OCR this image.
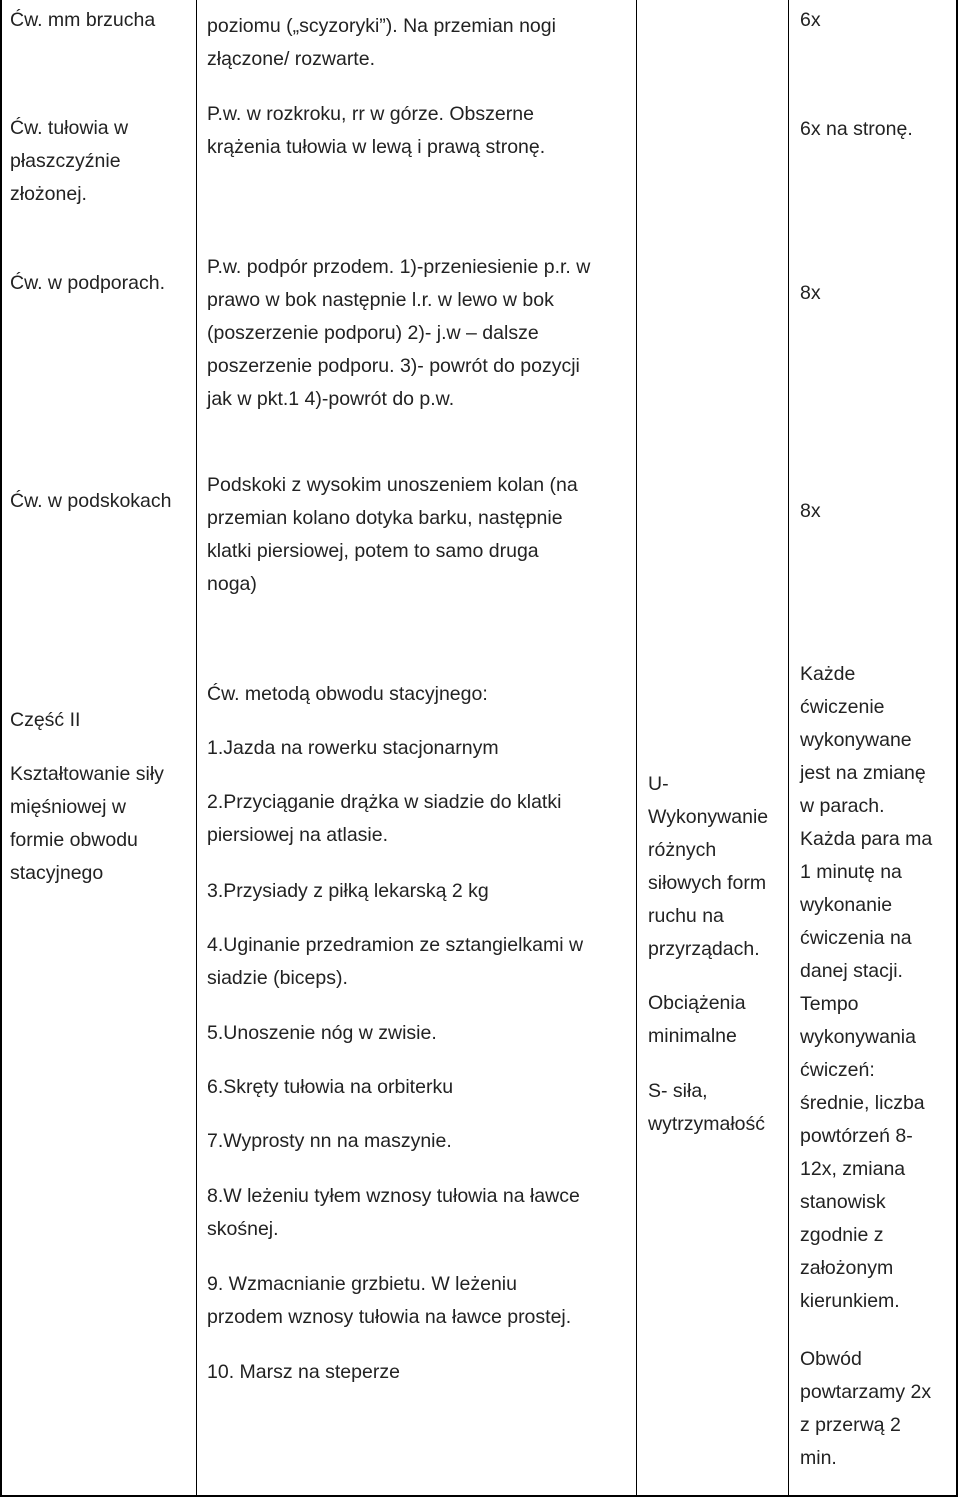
Ćw. mm brzucha
Ćw. tułowia w
płaszczyźnie
złożonej.
poziomu („scyzoryki”). Na przemian nogi
złączone/ rozwarte.
P.w. w rozkroku, rr w górze. Obszerne
krążenia tułowia w lewą i prawą stronę.
6x
6x na stronę.
Ćw. w podporach.
P.w. podpór przodem. 1)-przeniesienie p.r. w
prawo w bok następnie l.r. w lewo w bok
(poszerzenie podporu) 2)- j.w – dalsze
poszerzenie podporu. 3)- powrót do pozycji
jak w pkt.1 4)-powrót do p.w.
8x
Ćw. w podskokach
Podskoki z wysokim unoszeniem kolan (na
przemian kolano dotyka barku, następnie
klatki piersiowej, potem to samo druga
noga)
8x
Część II
Kształtowanie siły
mięśniowej w
formie obwodu
stacyjnego
Ćw. metodą obwodu stacyjnego:
1.Jazda na rowerku stacjonarnym
2.Przyciąganie drążka w siadzie do klatki
piersiowej na atlasie.
3.Przysiady z piłką lekarską 2 kg
4.Uginanie przedramion ze sztangielkami w
siadzie (biceps).
5.Unoszenie nóg w zwisie.
6.Skręty tułowia na orbiterku
7.Wyprosty nn na maszynie.
8.W leżeniu tyłem wznosy tułowia na ławce
skośnej.
9. Wzmacnianie grzbietu. W leżeniu
przodem wznosy tułowia na ławce prostej.
10. Marsz na steperze
U-
Wykonywanie
różnych
siłowych form
ruchu na
przyrządach.
Obciążenia
minimalne
S- siła,
wytrzymałość
Każde
ćwiczenie
wykonywane
jest na zmianę
w parach.
Każda para ma
1 minutę na
wykonanie
ćwiczenia na
danej stacji.
Tempo
wykonywania
ćwiczeń:
średnie, liczba
powtórzeń 8-
12x, zmiana
stanowisk
zgodnie z
założonym
kierunkiem.
Obwód
powtarzamy 2x
z przerwą 2
min.
